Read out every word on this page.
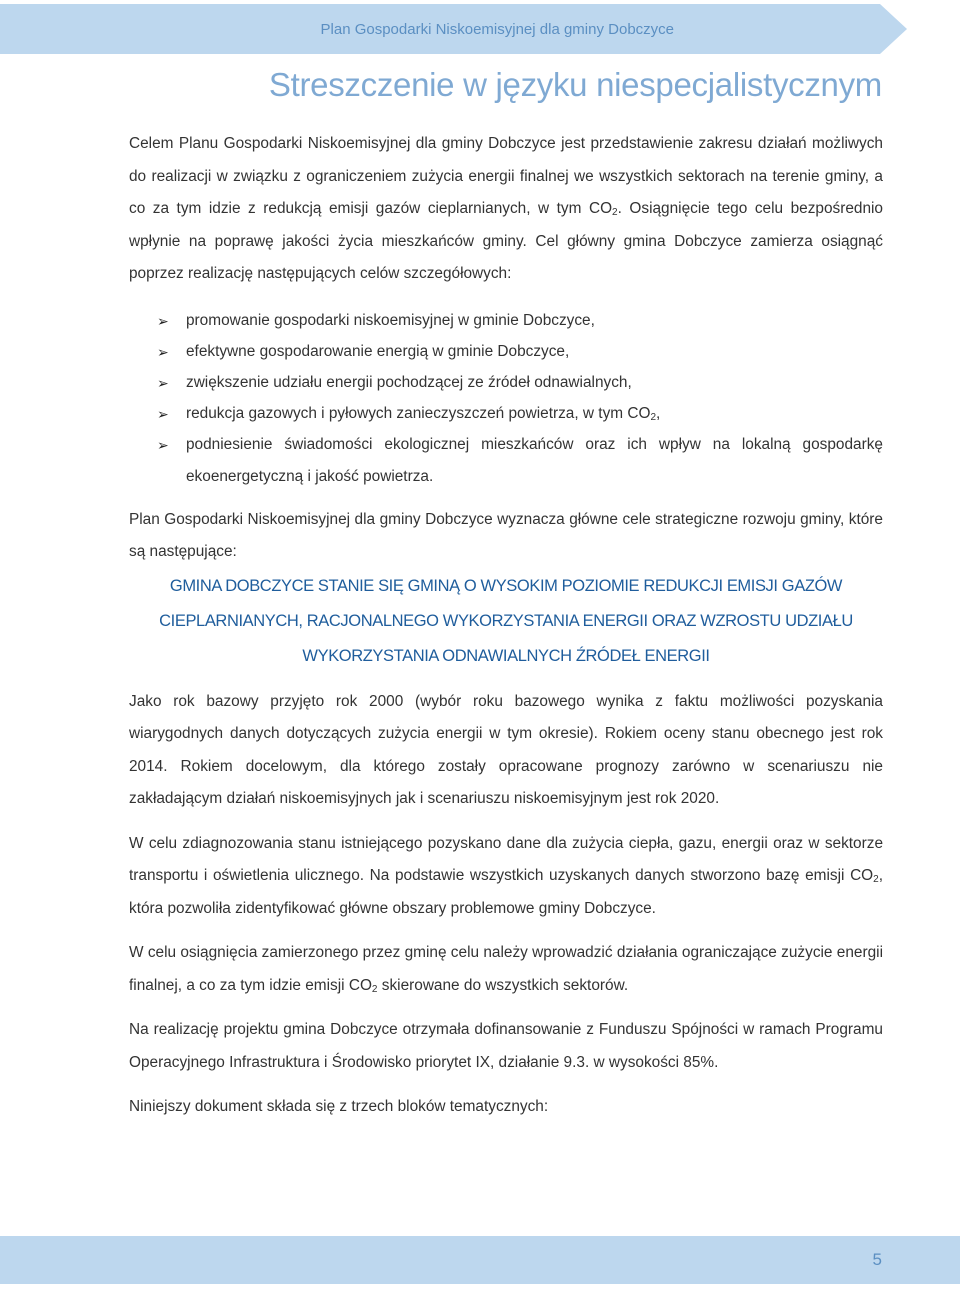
Plan Gospodarki Niskoemisyjnej dla gminy Dobczyce
Streszczenie w języku niespecjalistycznym

Celem Planu Gospodarki Niskoemisyjnej dla gminy Dobczyce jest przedstawienie zakresu działań możliwych do realizacji w związku z ograniczeniem zużycia energii finalnej we wszystkich sektorach na terenie gminy, a co za tym idzie z redukcją emisji gazów cieplarnianych, w tym $CO_2$. Osiągnięcie tego celu bezpośrednio wpłynie na poprawę jakości życia mieszkańców gminy. Cel główny gmina Dobczyce zamierza osiągnąć poprzez realizację następujących celów szczegółowych:

➢ promowanie gospodarki niskoemisyjnej w gminie Dobczyce,
➢ efektywne gospodarowanie energią w gminie Dobczyce,
➢ zwiększenie udziału energii pochodzącej ze źródeł odnawialnych,
➢ redukcja gazowych i pyłowych zanieczyszczeń powietrza, w tym $CO_2$,
➢ podniesienie świadomości ekologicznej mieszkańców oraz ich wpływ na lokalną gospodarkę ekoenergetyczną i jakość powietrza.

Plan Gospodarki Niskoemisyjnej dla gminy Dobczyce wyznacza główne cele strategiczne rozwoju gminy, które są następujące:

GMINA DOBCZYCE STANIE SIĘ GMINĄ O WYSOKIM POZIOMIE REDUKCJI EMISJI GAZÓW CIEPLARNIANYCH, RACJONALNEGO WYKORZYSTANIA ENERGII ORAZ WZROSTU UDZIAŁU WYKORZYSTANIA ODNAWIALNYCH ŹRÓDEŁ ENERGII

Jako rok bazowy przyjęto rok 2000 (wybór roku bazowego wynika z faktu możliwości pozyskania wiarygodnych danych dotyczących zużycia energii w tym okresie). Rokiem oceny stanu obecnego jest rok 2014. Rokiem docelowym, dla którego zostały opracowane prognozy zarówno w scenariuszu nie zakładającym działań niskoemisyjnych jak i scenariuszu niskoemisyjnym jest rok 2020.

W celu zdiagnozowania stanu istniejącego pozyskano dane dla zużycia ciepła, gazu, energii oraz w sektorze transportu i oświetlenia ulicznego. Na podstawie wszystkich uzyskanych danych stworzono bazę emisji $CO_2$, która pozwoliła zidentyfikować główne obszary problemowe gminy Dobczyce.

W celu osiągnięcia zamierzonego przez gminę celu należy wprowadzić działania ograniczające zużycie energii finalnej, a co za tym idzie emisji $CO_2$ skierowane do wszystkich sektorów.

Na realizację projektu gmina Dobczyce otrzymała dofinansowanie z Funduszu Spójności w ramach Programu Operacyjnego Infrastruktura i Środowisko priorytet IX, działanie 9.3. w wysokości 85%.

Niniejszy dokument składa się z trzech bloków tematycznych:

5
